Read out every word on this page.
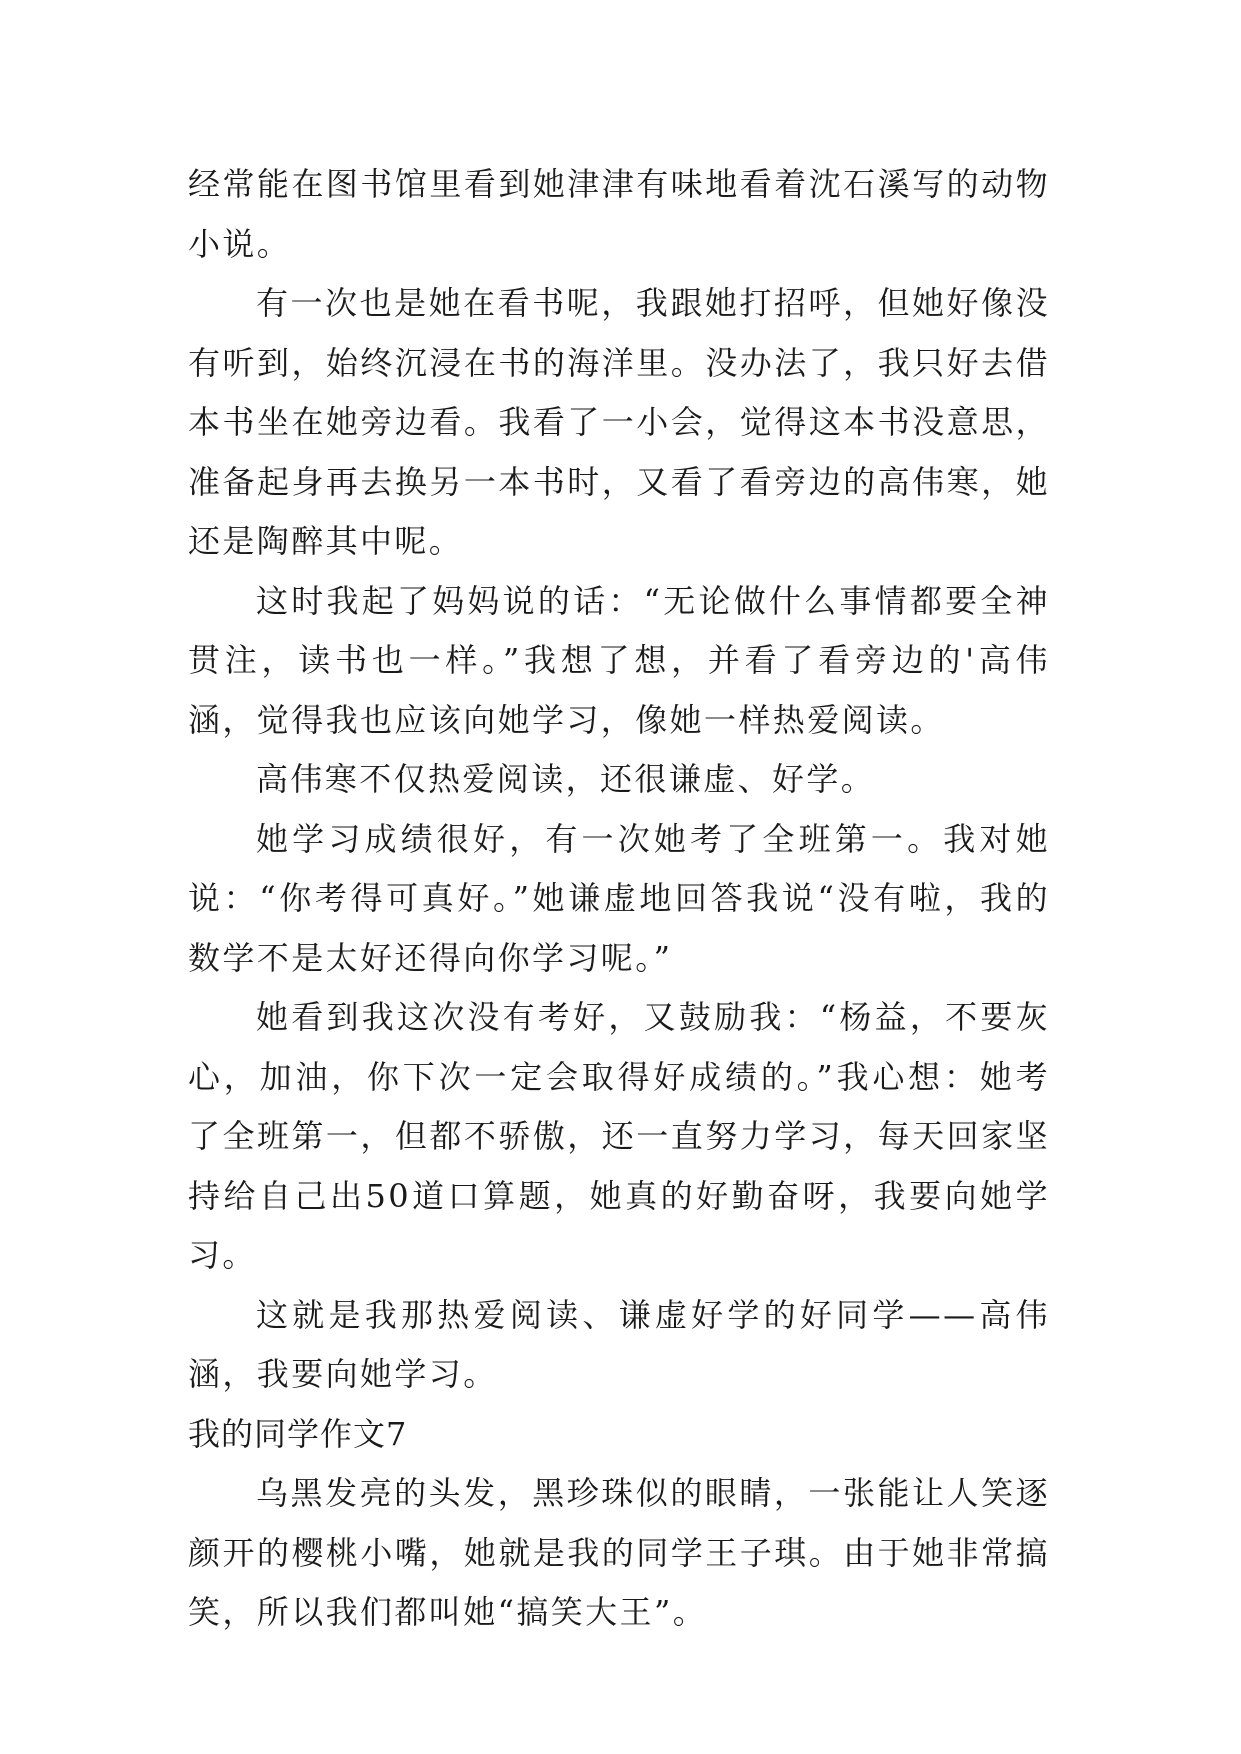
经常能在图书馆里看到她津津有味地看着沈石溪写的动物小说。

有一次也是她在看书呢，我跟她打招呼，但她好像没有听到，始终沉浸在书的海洋里。没办法了，我只好去借本书坐在她旁边看。我看了一小会，觉得这本书没意思，准备起身再去换另一本书时，又看了看旁边的高伟寒，她还是陶醉其中呢。

这时我起了妈妈说的话：“无论做什么事情都要全神贯注，读书也一样。”我想了想，并看了看旁边的'高伟涵，觉得我也应该向她学习，像她一样热爱阅读。

高伟寒不仅热爱阅读，还很谦虚、好学。

她学习成绩很好，有一次她考了全班第一。我对她说：“你考得可真好。”她谦虚地回答我说“没有啦，我的数学不是太好还得向你学习呢。”

她看到我这次没有考好，又鼓励我：“杨益，不要灰心，加油，你下次一定会取得好成绩的。”我心想：她考了全班第一，但都不骄傲，还一直努力学习，每天回家坚持给自己出50道口算题，她真的好勤奋呀，我要向她学习。

这就是我那热爱阅读、谦虚好学的好同学——高伟涵，我要向她学习。

我的同学作文7

乌黑发亮的头发，黑珍珠似的眼睛，一张能让人笑逐颜开的樱桃小嘴，她就是我的同学王子琪。由于她非常搞笑，所以我们都叫她“搞笑大王”。
